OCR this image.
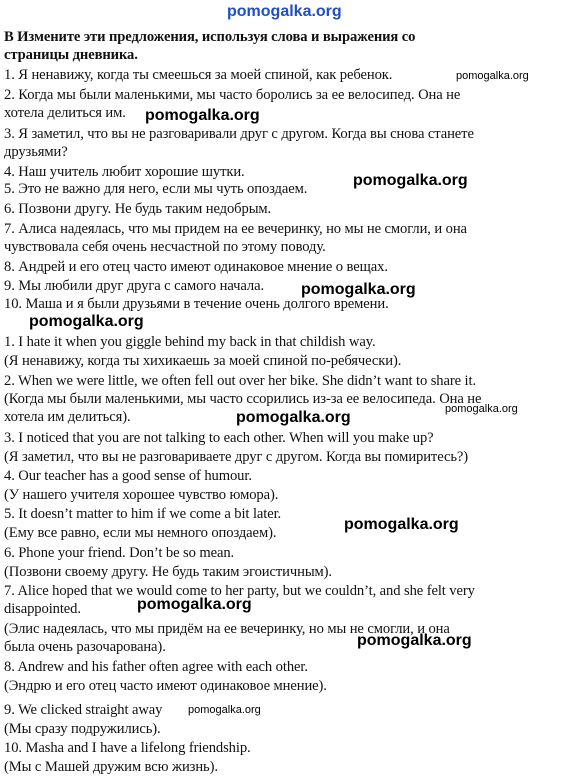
pomogalka.org
B Измените эти предложения, используя слова и выражения со
страницы дневника.
1. Я ненавижу, когда ты смеешься за моей спиной, как ребенок.
2. Когда мы были маленькими, мы часто боролись за ее велосипед. Она не
хотела делиться им.
3. Я заметил, что вы не разговаривали друг с другом. Когда вы снова станете
друзьями?
4. Наш учитель любит хорошие шутки.
5. Это не важно для него, если мы чуть опоздаем.
6. Позвони другу. Не будь таким недобрым.
7. Алиса надеялась, что мы придем на ее вечеринку, но мы не смогли, и она
чувствовала себя очень несчастной по этому поводу.
8. Андрей и его отец часто имеют одинаковое мнение о вещах.
9. Мы любили друг друга с самого начала.
10. Маша и я были друзьями в течение очень долгого времени.
1. I hate it when you giggle behind my back in that childish way.
(Я ненавижу, когда ты хихикаешь за моей спиной по-ребячески).
2. When we were little, we often fell out over her bike. She didn’t want to share it.
(Когда мы были маленькими, мы часто ссорились из-за ее велосипеда. Она не
хотела им делиться).
3. I noticed that you are not talking to each other. When will you make up?
(Я заметил, что вы не разговариваете друг с другом. Когда вы помиритесь?)
4. Our teacher has a good sense of humour.
(У нашего учителя хорошее чувство юмора).
5. It doesn’t matter to him if we come a bit later.
(Ему все равно, если мы немного опоздаем).
6. Phone your friend. Don’t be so mean.
(Позвони своему другу. Не будь таким эгоистичным).
7. Alice hoped that we would come to her party, but we couldn’t, and she felt very
disappointed.
(Элис надеялась, что мы придём на ее вечеринку, но мы не смогли, и она
была очень разочарована).
8. Andrew and his father often agree with each other.
(Эндрю и его отец часто имеют одинаковое мнение).
9. We clicked straight away
(Мы сразу подружились).
10. Masha and I have a lifelong friendship.
(Мы с Машей дружим всю жизнь).
pomogalka.org
pomogalka.org
pomogalka.org
pomogalka.org
pomogalka.org
pomogalka.org	pomogalka.org
pomogalka.org
pomogalka.org
pomogalka.org
pomogalka.org
